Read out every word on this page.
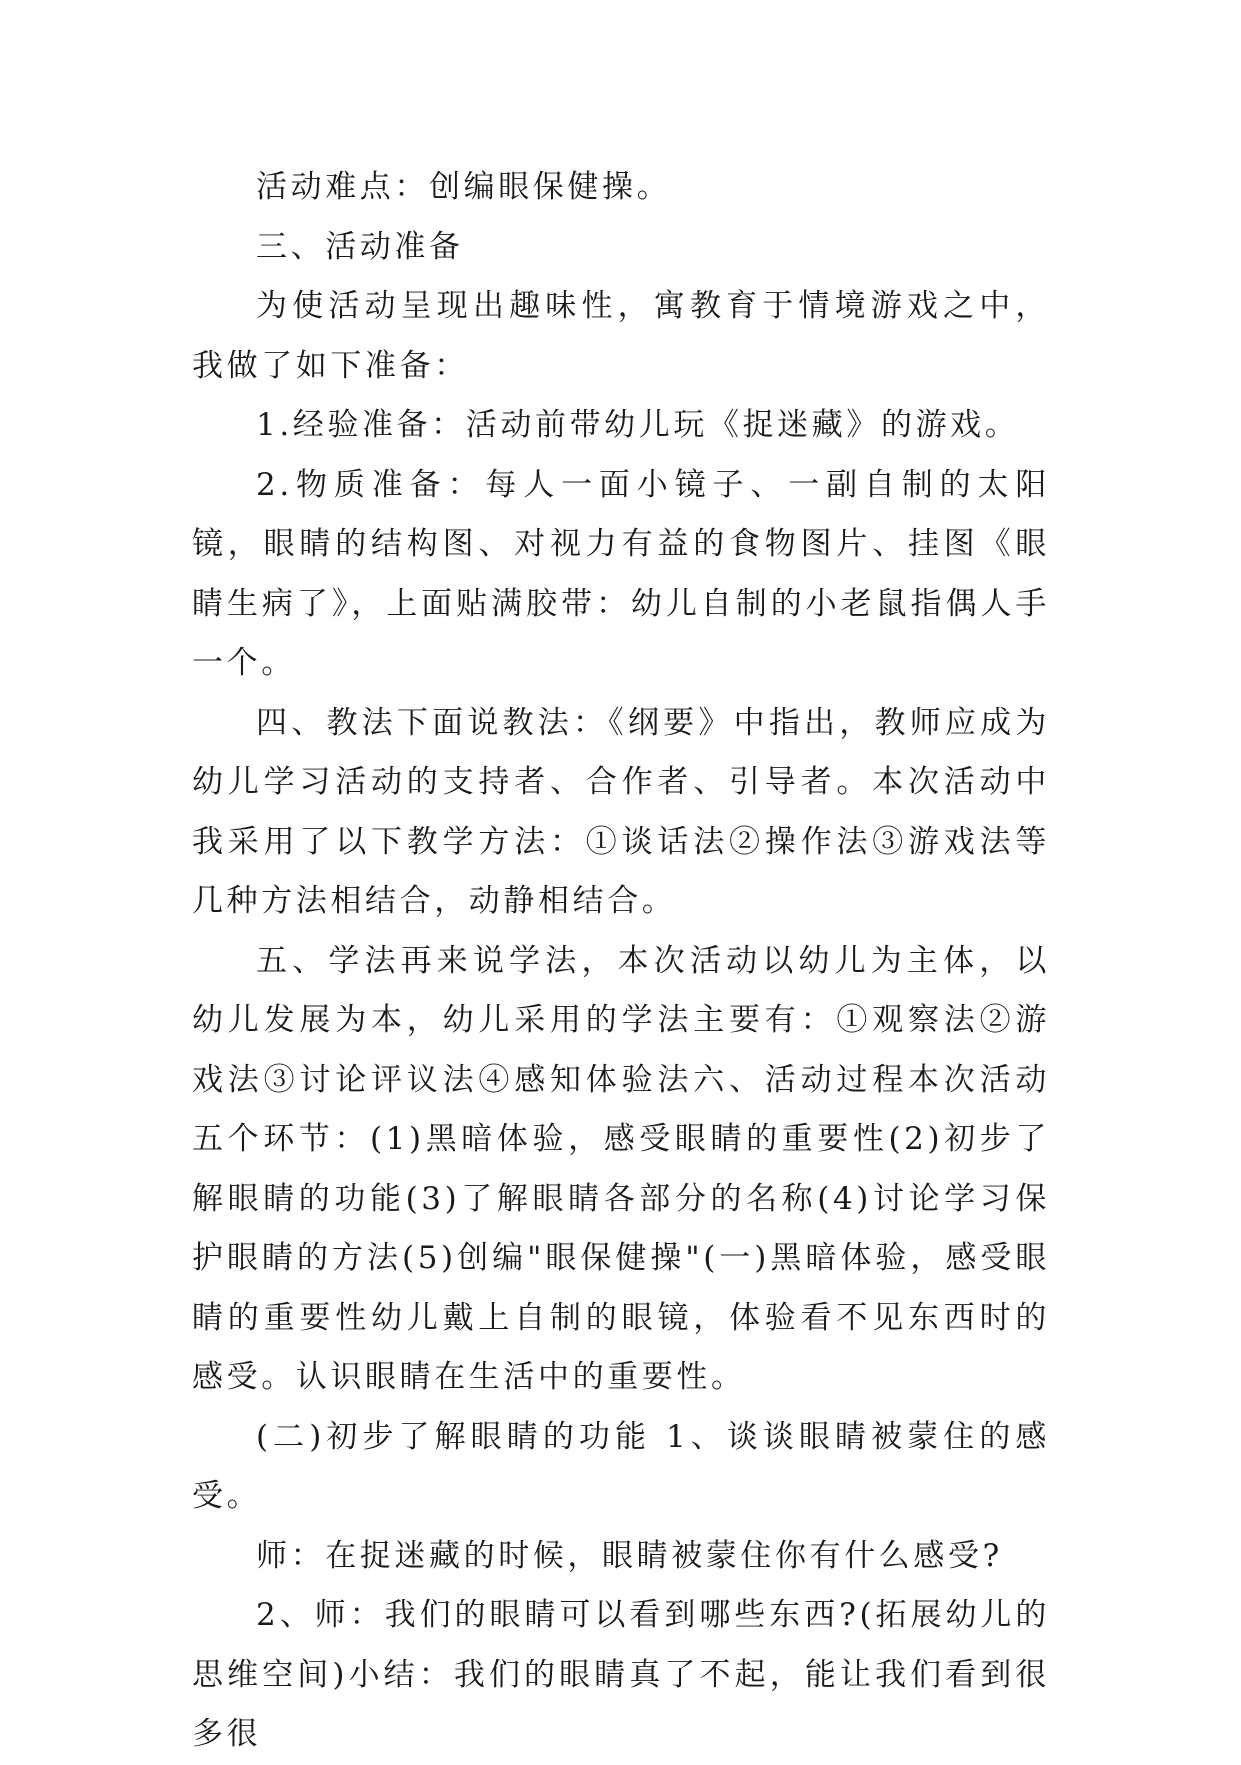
活动难点：创编眼保健操。

三、活动准备

为使活动呈现出趣味性，寓教育于情境游戏之中，我做了如下准备：

1.经验准备：活动前带幼儿玩《捉迷藏》的游戏。

2.物质准备：每人一面小镜子、一副自制的太阳镜，眼睛的结构图、对视力有益的食物图片、挂图《眼睛生病了》，上面贴满胶带：幼儿自制的小老鼠指偶人手一个。

四、教法下面说教法：《纲要》中指出，教师应成为幼儿学习活动的支持者、合作者、引导者。本次活动中我采用了以下教学方法：①谈话法②操作法③游戏法等几种方法相结合，动静相结合。

五、学法再来说学法，本次活动以幼儿为主体，以幼儿发展为本，幼儿采用的学法主要有：①观察法②游戏法③讨论评议法④感知体验法六、活动过程本次活动五个环节：(1)黑暗体验，感受眼睛的重要性(2)初步了解眼睛的功能(3)了解眼睛各部分的名称(4)讨论学习保护眼睛的方法(5)创编"眼保健操"(一)黑暗体验，感受眼睛的重要性幼儿戴上自制的眼镜，体验看不见东西时的感受。认识眼睛在生活中的重要性。

(二)初步了解眼睛的功能 1、谈谈眼睛被蒙住的感受。

师：在捉迷藏的时候，眼睛被蒙住你有什么感受?

2、师：我们的眼睛可以看到哪些东西?(拓展幼儿的思维空间)小结：我们的眼睛真了不起，能让我们看到很多很
